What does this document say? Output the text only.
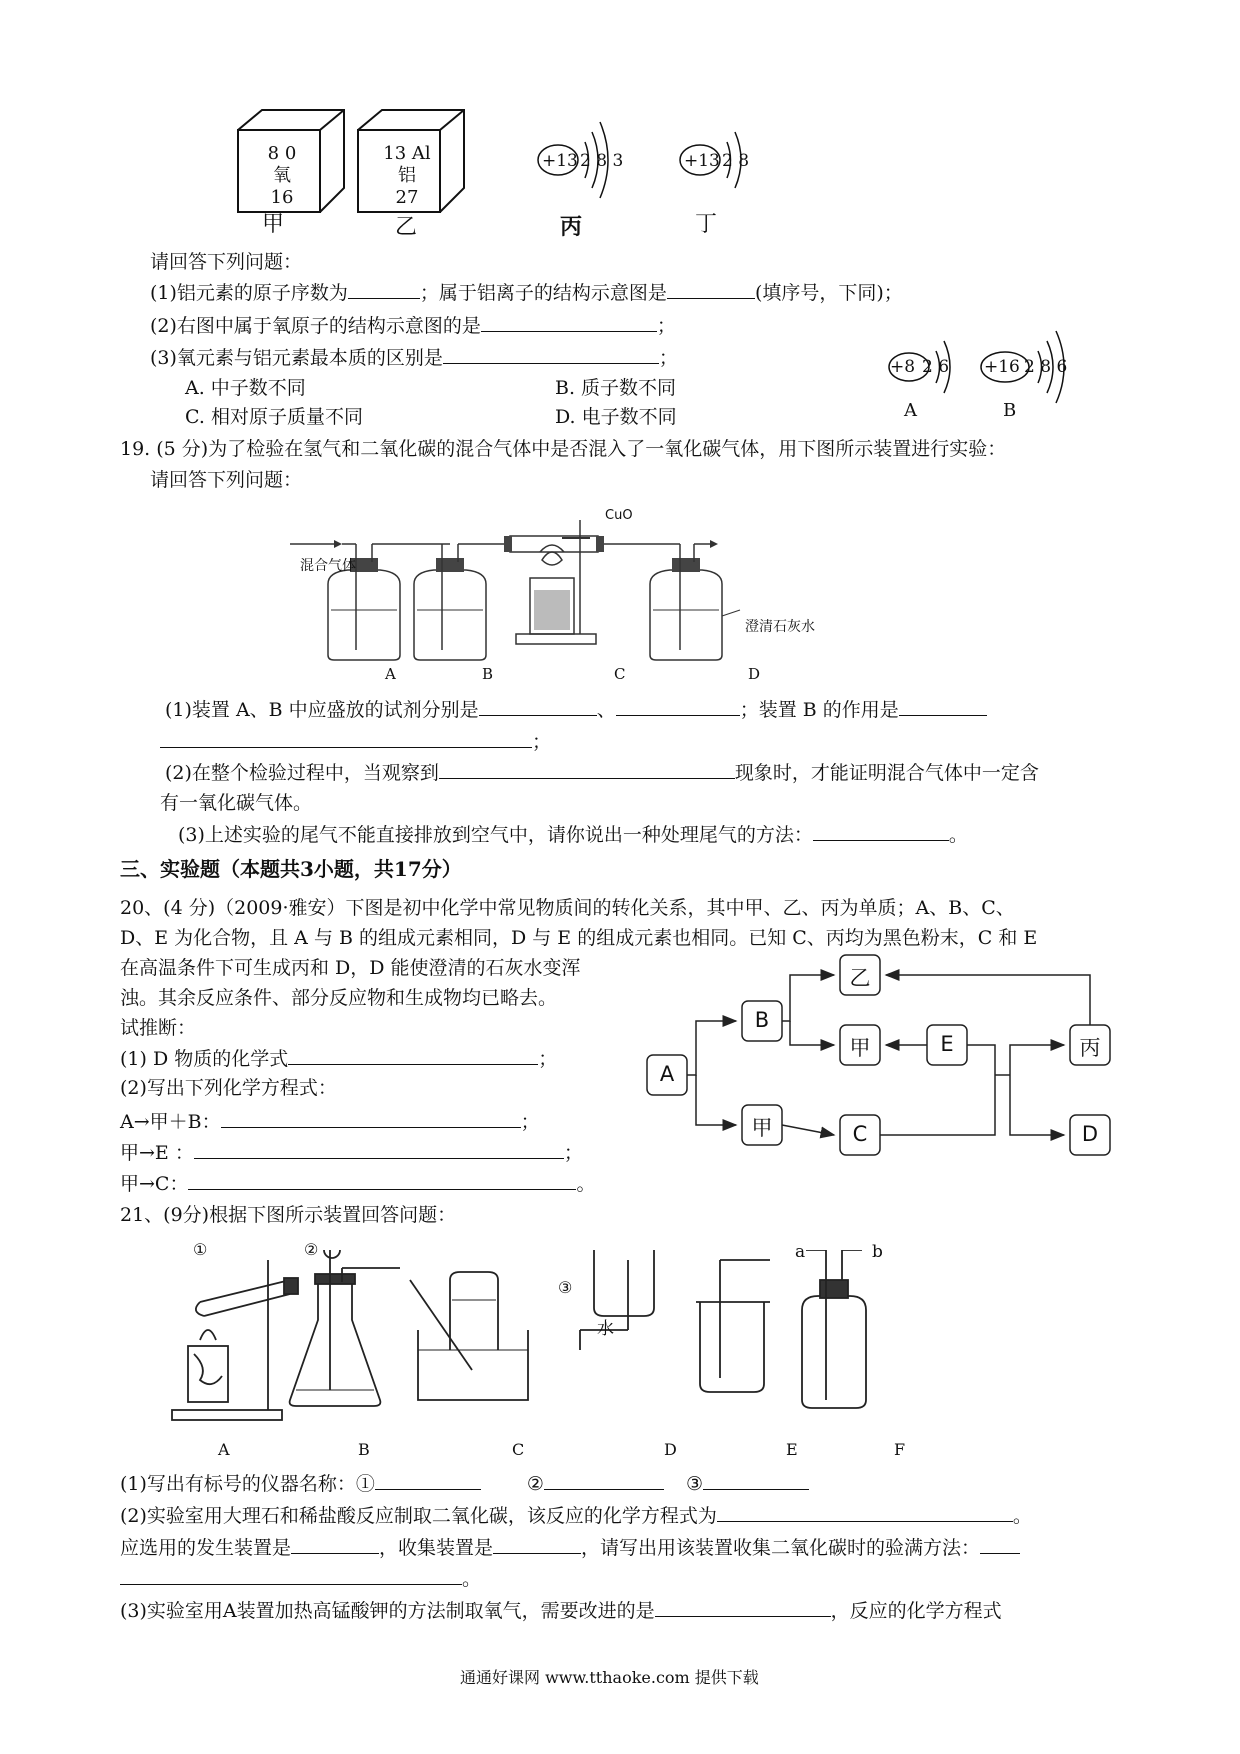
8 0
氧
16
13 Al
铝
27
+13 2 8 3	+13 2 8
甲	乙	丙	丁
请回答下列问题：
(1)铝元素的原子序数为	；属于铝离子的结构示意图是	(填序号，下同)；
(2)右图中属于氧原子的结构示意图的是	；
(3)氧元素与铝元素最本质的区别是	；
A. 中子数不同	B. 质子数不同
C. 相对原子质量不同	D. 电子数不同
+8 2 6 +16 2 8 6
A	B
19. (5 分)为了检验在氢气和二氧化碳的混合气体中是否混入了一氧化碳气体，用下图所示装置进行实验：
请回答下列问题：
混合气体
CuO
澄清石灰水
A	B	C	D
(1)装置 A、B 中应盛放的试剂分别是	、	；装置 B 的作用是
；
(2)在整个检验过程中，当观察到	现象时，才能证明混合气体中一定含
有一氧化碳气体。
(3)上述实验的尾气不能直接排放到空气中，请你说出一种处理尾气的方法：	。
三、实验题（本题共3小题，共17分）
20、(4 分)（2009·雅安）下图是初中化学中常见物质间的转化关系，其中甲、乙、丙为单质；A、B、C、
D、E 为化合物，且 A 与 B 的组成元素相同，D 与 E 的组成元素也相同。已知 C、丙均为黑色粉末，C 和 E
在高温条件下可生成丙和 D，D 能使澄清的石灰水变浑
浊。其余反应条件、部分反应物和生成物均已略去。
试推断：
(1) D 物质的化学式	；
(2)写出下列化学方程式：
A→甲＋B：	；
甲→E ：	；
甲→C：	。
A
B
乙
甲	E	丙
甲	C	D
21、(9分)根据下图所示装置回答问题：
①	②
③
水
a	b
A	B	C	D	E	F
(1)写出有标号的仪器名称：①	②	③
(2)实验室用大理石和稀盐酸反应制取二氧化碳，该反应的化学方程式为	。
应选用的发生装置是	，收集装置是	，请写出用该装置收集二氧化碳时的验满方法：
。
(3)实验室用A装置加热高锰酸钾的方法制取氧气，需要改进的是	，反应的化学方程式
通通好课网 www.tthaoke.com 提供下载
